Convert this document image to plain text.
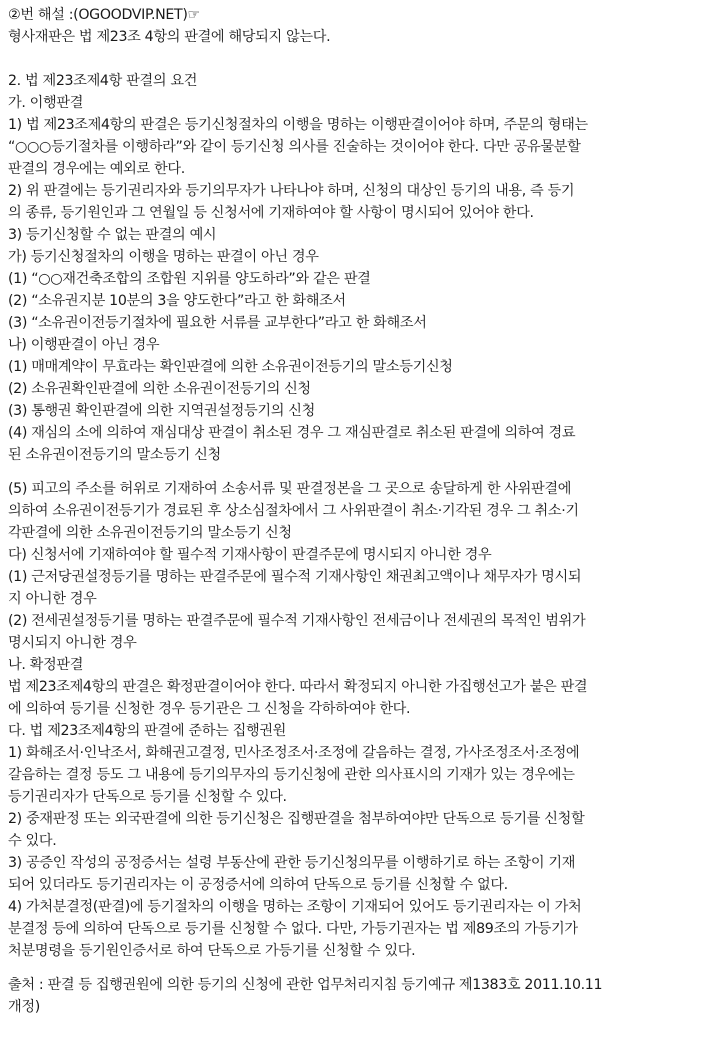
②번 해설 :(OGOODVIP.NET)☞
형사재판은 법 제23조 4항의 판결에 해당되지 않는다.
2. 법 제23조제4항 판결의 요건
가. 이행판결
1) 법 제23조제4항의 판결은 등기신청절차의 이행을 명하는 이행판결이어야 하며, 주문의 형태는
“○○○등기절차를 이행하라”와 같이 등기신청 의사를 진술하는 것이어야 한다. 다만 공유물분할
판결의 경우에는 예외로 한다.
2) 위 판결에는 등기권리자와 등기의무자가 나타나야 하며, 신청의 대상인 등기의 내용, 즉 등기
의 종류, 등기원인과 그 연월일 등 신청서에 기재하여야 할 사항이 명시되어 있어야 한다.
3) 등기신청할 수 없는 판결의 예시
가) 등기신청절차의 이행을 명하는 판결이 아닌 경우
(1) “○○재건축조합의 조합원 지위를 양도하라”와 같은 판결
(2) “소유권지분 10분의 3을 양도한다”라고 한 화해조서
(3) “소유권이전등기절차에 필요한 서류를 교부한다”라고 한 화해조서
나) 이행판결이 아닌 경우
(1) 매매계약이 무효라는 확인판결에 의한 소유권이전등기의 말소등기신청
(2) 소유권확인판결에 의한 소유권이전등기의 신청
(3) 통행권 확인판결에 의한 지역권설정등기의 신청
(4) 재심의 소에 의하여 재심대상 판결이 취소된 경우 그 재심판결로 취소된 판결에 의하여 경료
된 소유권이전등기의 말소등기 신청
(5) 피고의 주소를 허위로 기재하여 소송서류 및 판결정본을 그 곳으로 송달하게 한 사위판결에
의하여 소유권이전등기가 경료된 후 상소심절차에서 그 사위판결이 취소·기각된 경우 그 취소·기
각판결에 의한 소유권이전등기의 말소등기 신청
다) 신청서에 기재하여야 할 필수적 기재사항이 판결주문에 명시되지 아니한 경우
(1) 근저당권설정등기를 명하는 판결주문에 필수적 기재사항인 채권최고액이나 채무자가 명시되
지 아니한 경우
(2) 전세권설정등기를 명하는 판결주문에 필수적 기재사항인 전세금이나 전세권의 목적인 범위가
명시되지 아니한 경우
나. 확정판결
법 제23조제4항의 판결은 확정판결이어야 한다. 따라서 확정되지 아니한 가집행선고가 붙은 판결
에 의하여 등기를 신청한 경우 등기관은 그 신청을 각하하여야 한다.
다. 법 제23조제4항의 판결에 준하는 집행권원
1) 화해조서·인낙조서, 화해권고결정, 민사조정조서·조정에 갈음하는 결정, 가사조정조서·조정에
갈음하는 결정 등도 그 내용에 등기의무자의 등기신청에 관한 의사표시의 기재가 있는 경우에는
등기권리자가 단독으로 등기를 신청할 수 있다.
2) 중재판정 또는 외국판결에 의한 등기신청은 집행판결을 첨부하여야만 단독으로 등기를 신청할
수 있다.
3) 공증인 작성의 공정증서는 설령 부동산에 관한 등기신청의무를 이행하기로 하는 조항이 기재
되어 있더라도 등기권리자는 이 공정증서에 의하여 단독으로 등기를 신청할 수 없다.
4) 가처분결정(판결)에 등기절차의 이행을 명하는 조항이 기재되어 있어도 등기권리자는 이 가처
분결정 등에 의하여 단독으로 등기를 신청할 수 없다. 다만, 가등기권자는 법 제89조의 가등기가
처분명령을 등기원인증서로 하여 단독으로 가등기를 신청할 수 있다.
출처 : 판결 등 집행권원에 의한 등기의 신청에 관한 업무처리지침 등기예규 제1383호 2011.10.11
개정)
